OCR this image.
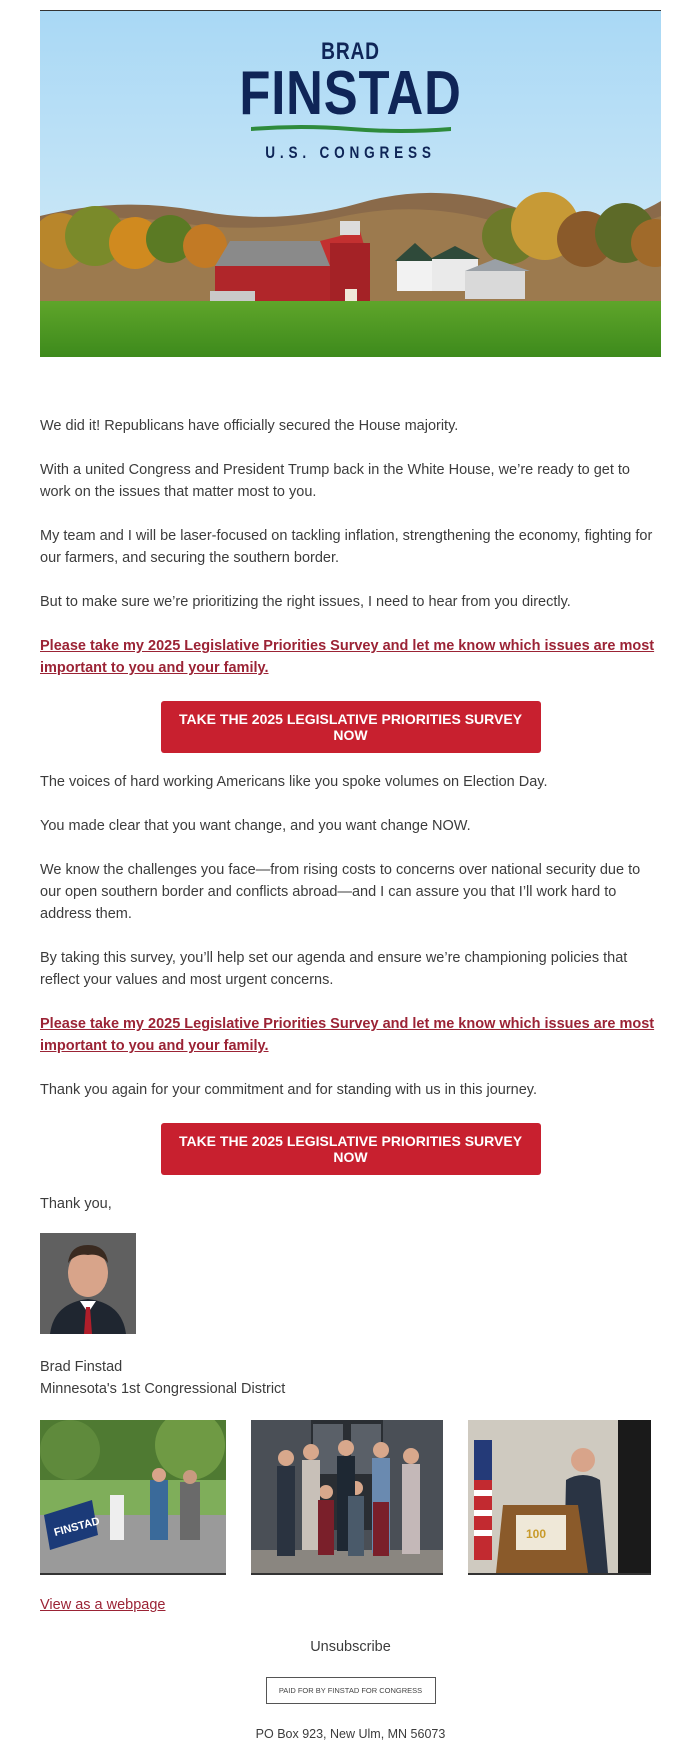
BRAD
FINSTAD
U.S. CONGRESS

We did it! Republicans have officially secured the House majority.

With a united Congress and President Trump back in the White House, we’re ready to get to work on the issues that matter most to you.

My team and I will be laser-focused on tackling inflation, strengthening the economy, fighting for our farmers, and securing the southern border.

But to make sure we’re prioritizing the right issues, I need to hear from you directly.

Please take my 2025 Legislative Priorities Survey and let me know which issues are most important to you and your family.
TAKE THE 2025 LEGISLATIVE PRIORITIES SURVEY NOW

The voices of hard working Americans like you spoke volumes on Election Day.

You made clear that you want change, and you want change NOW.

We know the challenges you face—from rising costs to concerns over national security due to our open southern border and conflicts abroad—and I can assure you that I’ll work hard to address them.

By taking this survey, you’ll help set our agenda and ensure we’re championing policies that reflect your values and most urgent concerns.

Please take my 2025 Legislative Priorities Survey and let me know which issues are most important to you and your family.

Thank you again for your commitment and for standing with us in this journey.

TAKE THE 2025 LEGISLATIVE PRIORITIES SURVEY NOW

Thank you,

Brad Finstad

Minnesota's 1st Congressional District

FINSTAD	100
View as a webpage
Unsubscribe
PAID FOR BY FINSTAD FOR CONGRESS
PO Box 923, New Ulm, MN 56073
